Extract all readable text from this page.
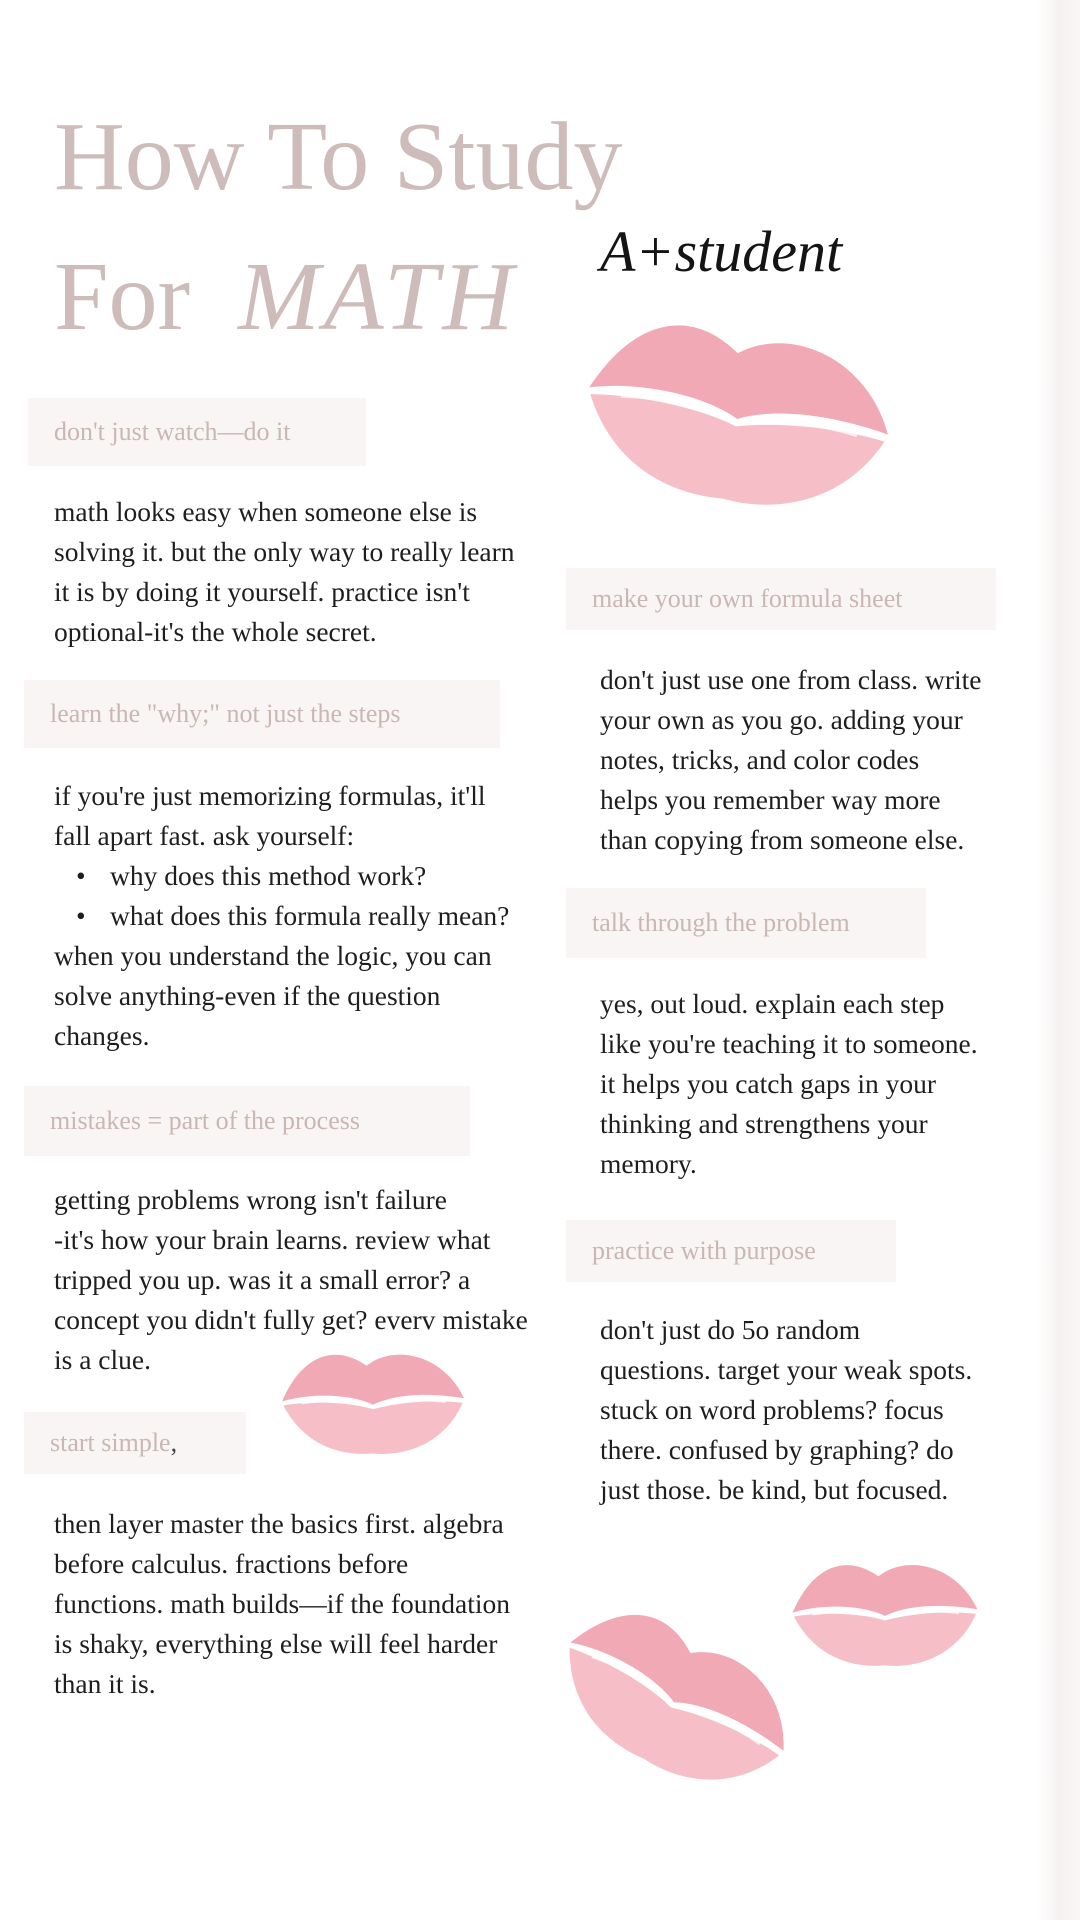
How To Study
For MATH A+student
don't just watch—do it
math looks easy when someone else is
solving it. but the only way to really learn
it is by doing it yourself. practice isn't
optional-it's the whole secret.
learn the "why;" not just the steps
if you're just memorizing formulas, it'll
fall apart fast. ask yourself:
• why does this method work?
• what does this formula really mean?
when you understand the logic, you can
solve anything-even if the question
changes.
mistakes = part of the process
getting problems wrong isn't failure
-it's how your brain learns. review what
tripped you up. was it a small error? a
concept you didn't fully get? everv mistake
is a clue.
start simple ,
then layer master the basics first. algebra
before calculus. fractions before
functions. math builds—if the foundation
is shaky, everything else will feel harder
than it is.
make your own formula sheet
don't just use one from class. write
your own as you go. adding your
notes, tricks, and color codes
helps you remember way more
than copying from someone else.
talk through the problem
yes, out loud. explain each step
like you're teaching it to someone.
it helps you catch gaps in your
thinking and strengthens your
memory.
practice with purpose
don't just do 5o random
questions. target your weak spots.
stuck on word problems? focus
there. confused by graphing? do
just those. be kind, but focused.
